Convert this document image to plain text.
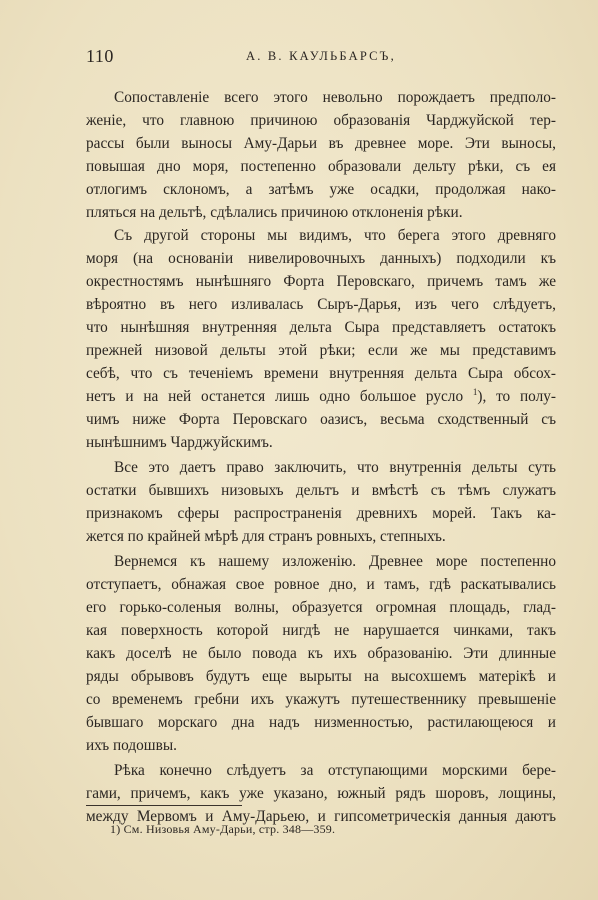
110	А. В. КАУЛЬБАРСЪ,
Сопоставленіе всего этого невольно порождаетъ предполо-
женіе, что главною причиною образованія Чарджуйской тер-
рассы были выносы Аму-Дарьи въ древнее море. Эти выносы,
повышая дно моря, постепенно образовали дельту рѣки, съ ея
отлогимъ склономъ, а затѣмъ уже осадки, продолжая нако-
пляться на дельтѣ, сдѣлались причиною отклоненія рѣки.
Съ другой стороны мы видимъ, что берега этого древняго
моря (на основаніи нивелировочныхъ данныхъ) подходили къ
окрестностямъ нынѣшняго Форта Перовскаго, причемъ тамъ же
вѣроятно въ него изливалась Сыръ-Дарья, изъ чего слѣдуетъ,
что нынѣшняя внутренняя дельта Сыра представляетъ остатокъ
прежней низовой дельты этой рѣки; если же мы представимъ
себѣ, что съ теченіемъ времени внутренняя дельта Сыра обсох-
нетъ и на ней останется лишь одно большое русло $^1$), то полу-
чимъ ниже Форта Перовскаго оазисъ, весьма сходственный съ
нынѣшнимъ Чарджуйскимъ.
Все это даетъ право заключить, что внутреннія дельты суть
остатки бывшихъ низовыхъ дельтъ и вмѣстѣ съ тѣмъ служатъ
признакомъ сферы распространенія древнихъ морей. Такъ ка-
жется по крайней мѣрѣ для странъ ровныхъ, степныхъ.
Вернемся къ нашему изложенію. Древнее море постепенно
отступаетъ, обнажая свое ровное дно, и тамъ, гдѣ раскатывались
его горько-соленыя волны, образуется огромная площадь, глад-
кая поверхность которой нигдѣ не нарушается чинками, такъ
какъ доселѣ не было повода къ ихъ образованію. Эти длинные
ряды обрывовъ будутъ еще вырыты на высохшемъ матерікѣ и
со временемъ гребни ихъ укажутъ путешественнику превышеніе
бывшаго морскаго дна надъ низменностью, растилающеюся и
ихъ подошвы.
Рѣка конечно слѣдуетъ за отступающими морскими бере-
гами, причемъ, какъ уже указано, южный рядъ шоровъ, лощины,
между Мервомъ и Аму-Дарьею, и гипсометрическія данныя даютъ
1) См. Низовья Аму-Дарьи, стр. 348—359.
